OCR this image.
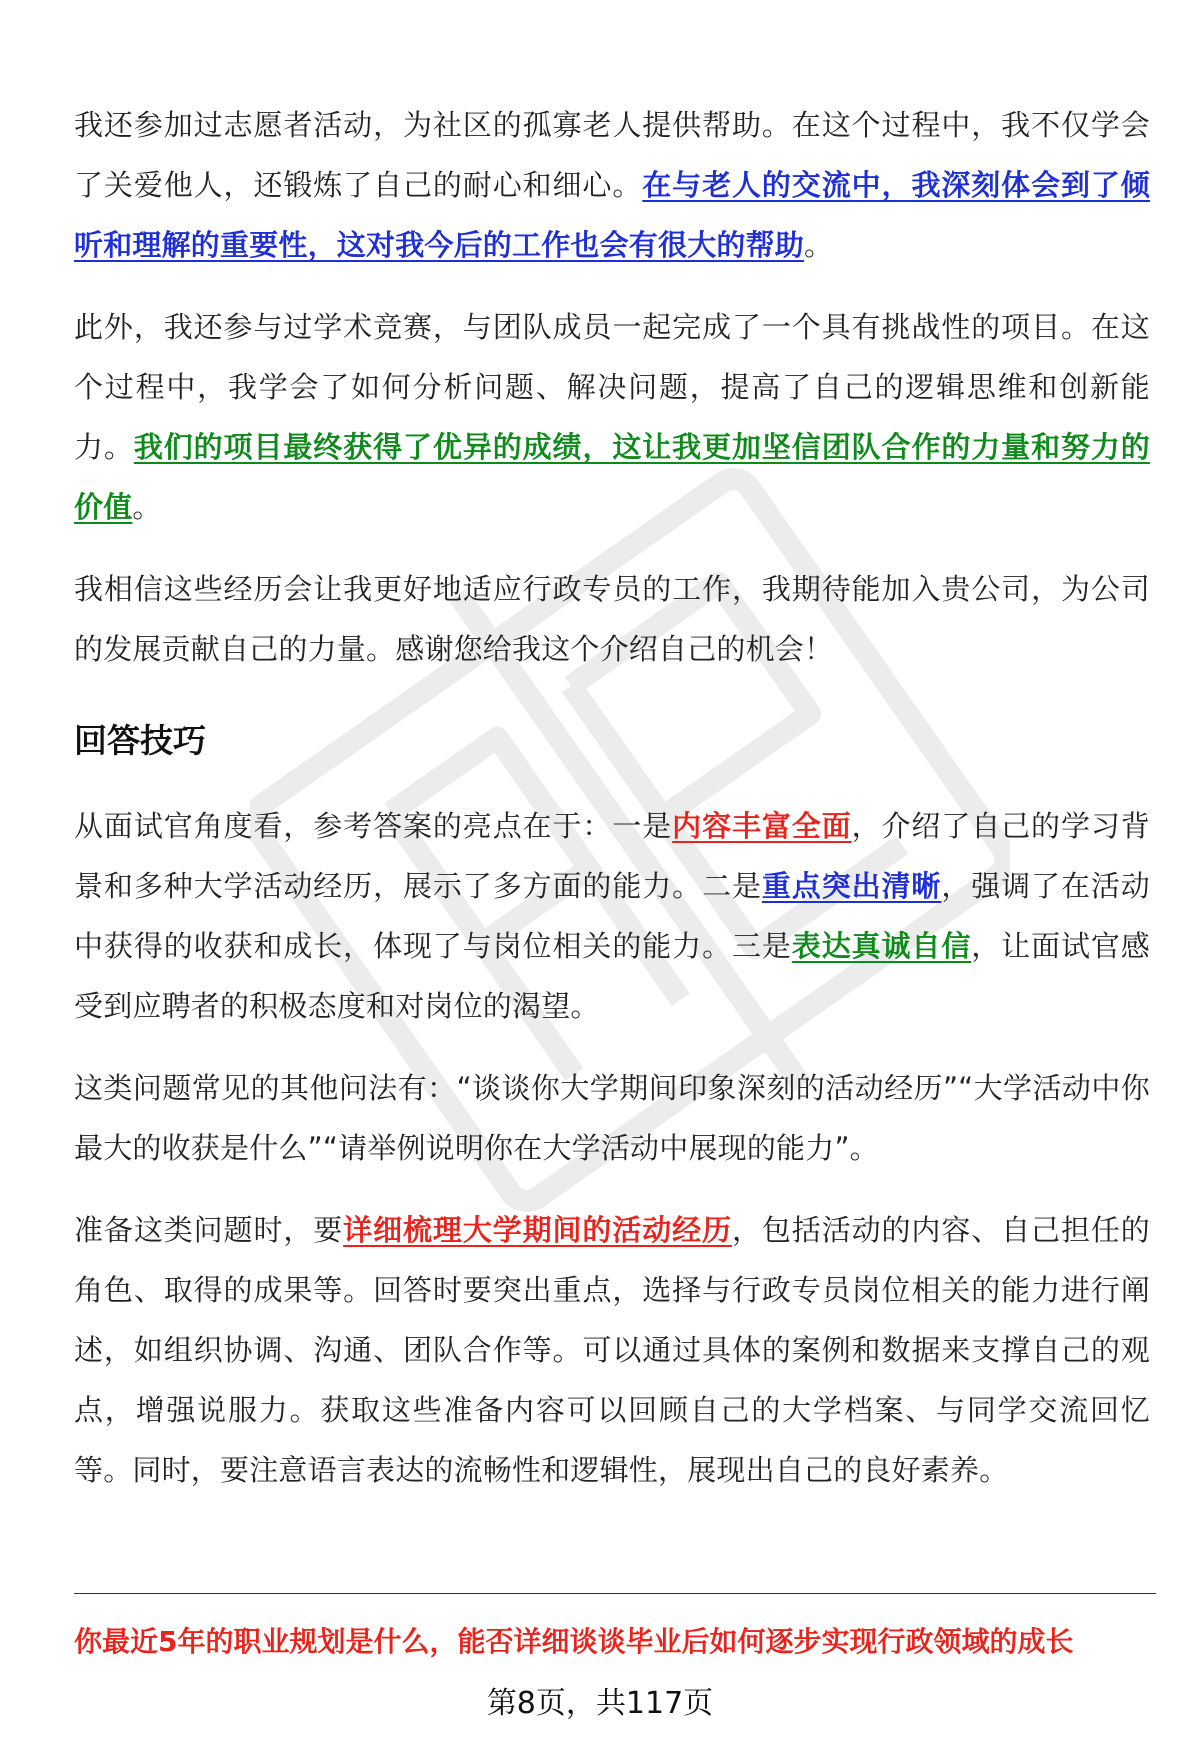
我还参加过志愿者活动，为社区的孤寡老人提供帮助。在这个过程中，我不仅学会了关爱他人，还锻炼了自己的耐心和细心。在与老人的交流中，我深刻体会到了倾听和理解的重要性，这对我今后的工作也会有很大的帮助。

此外，我还参与过学术竞赛，与团队成员一起完成了一个具有挑战性的项目。在这个过程中，我学会了如何分析问题、解决问题，提高了自己的逻辑思维和创新能力。我们的项目最终获得了优异的成绩，这让我更加坚信团队合作的力量和努力的价值。

我相信这些经历会让我更好地适应行政专员的工作，我期待能加入贵公司，为公司的发展贡献自己的力量。感谢您给我这个介绍自己的机会！

回答技巧

从面试官角度看，参考答案的亮点在于：一是内容丰富全面，介绍了自己的学习背景和多种大学活动经历，展示了多方面的能力。二是重点突出清晰，强调了在活动中获得的收获和成长，体现了与岗位相关的能力。三是表达真诚自信，让面试官感受到应聘者的积极态度和对岗位的渴望。

这类问题常见的其他问法有：“谈谈你大学期间印象深刻的活动经历”“大学活动中你最大的收获是什么”“请举例说明你在大学活动中展现的能力”。

准备这类问题时，要详细梳理大学期间的活动经历，包括活动的内容、自己担任的角色、取得的成果等。回答时要突出重点，选择与行政专员岗位相关的能力进行阐述，如组织协调、沟通、团队合作等。可以通过具体的案例和数据来支撑自己的观点，增强说服力。获取这些准备内容可以回顾自己的大学档案、与同学交流回忆等。同时，要注意语言表达的流畅性和逻辑性，展现出自己的良好素养。

你最近5年的职业规划是什么，能否详细谈谈毕业后如何逐步实现行政领域的成长
第8页，共117页
